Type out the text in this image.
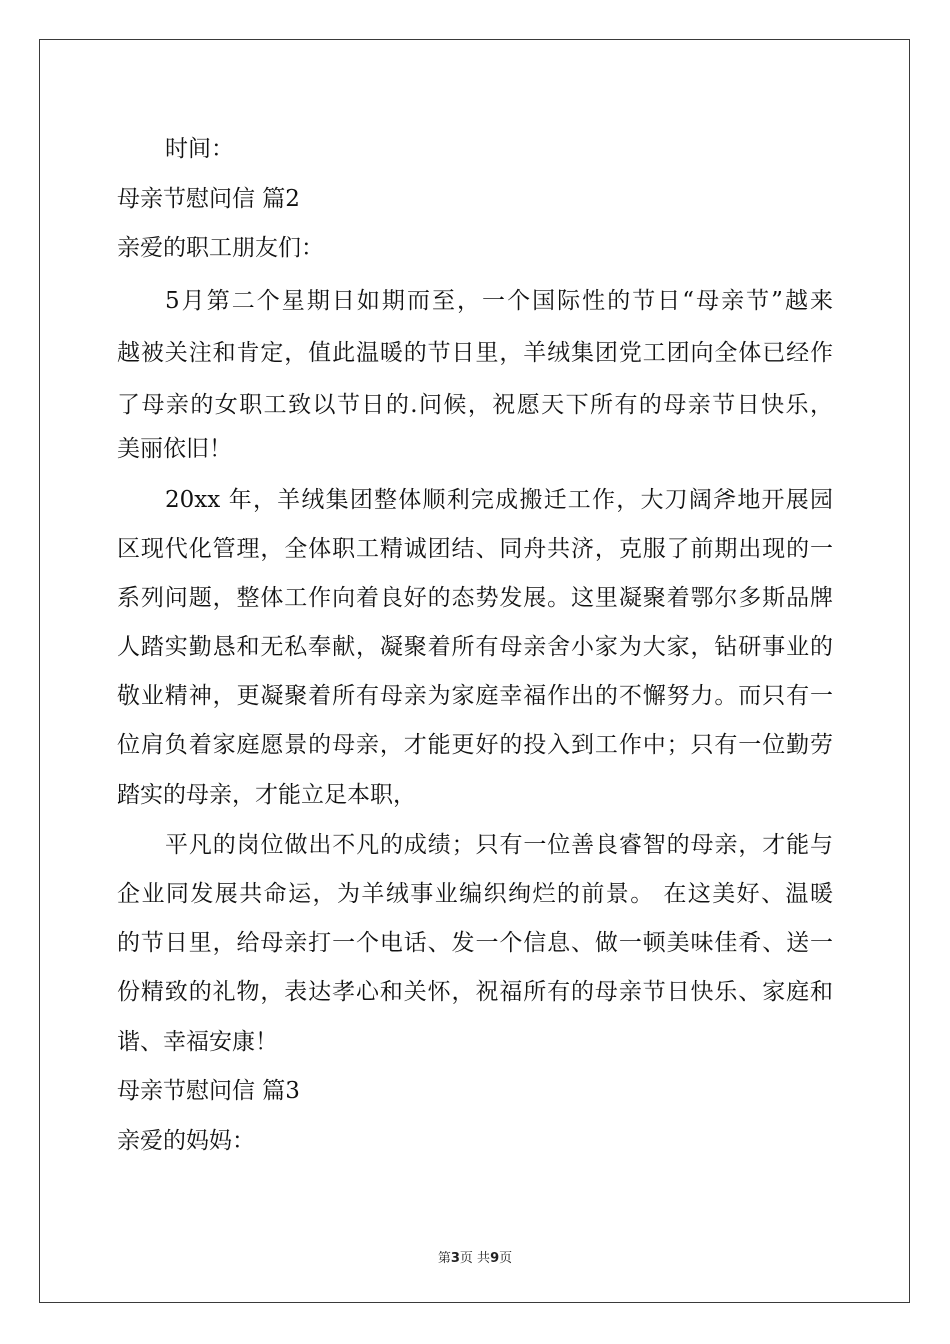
时间：
母亲节慰问信 篇2
亲爱的职工朋友们：
5月第二个星期日如期而至，一个国际性的节日“母亲节”越来
越被关注和肯定，值此温暖的节日里，羊绒集团党工团向全体已经作
了母亲的女职工致以节日的.问候，祝愿天下所有的母亲节日快乐，
美丽依旧！
20xx 年，羊绒集团整体顺利完成搬迁工作，大刀阔斧地开展园
区现代化管理，全体职工精诚团结、同舟共济，克服了前期出现的一
系列问题，整体工作向着良好的态势发展。这里凝聚着鄂尔多斯品牌
人踏实勤恳和无私奉献，凝聚着所有母亲舍小家为大家，钻研事业的
敬业精神，更凝聚着所有母亲为家庭幸福作出的不懈努力。而只有一
位肩负着家庭愿景的母亲，才能更好的投入到工作中；只有一位勤劳
踏实的母亲，才能立足本职，
平凡的岗位做出不凡的成绩；只有一位善良睿智的母亲，才能与
企业同发展共命运，为羊绒事业编织绚烂的前景。 在这美好、温暖
的节日里，给母亲打一个电话、发一个信息、做一顿美味佳肴、送一
份精致的礼物，表达孝心和关怀，祝福所有的母亲节日快乐、家庭和
谐、幸福安康！
母亲节慰问信 篇3
亲爱的妈妈：
第3页 共9页
